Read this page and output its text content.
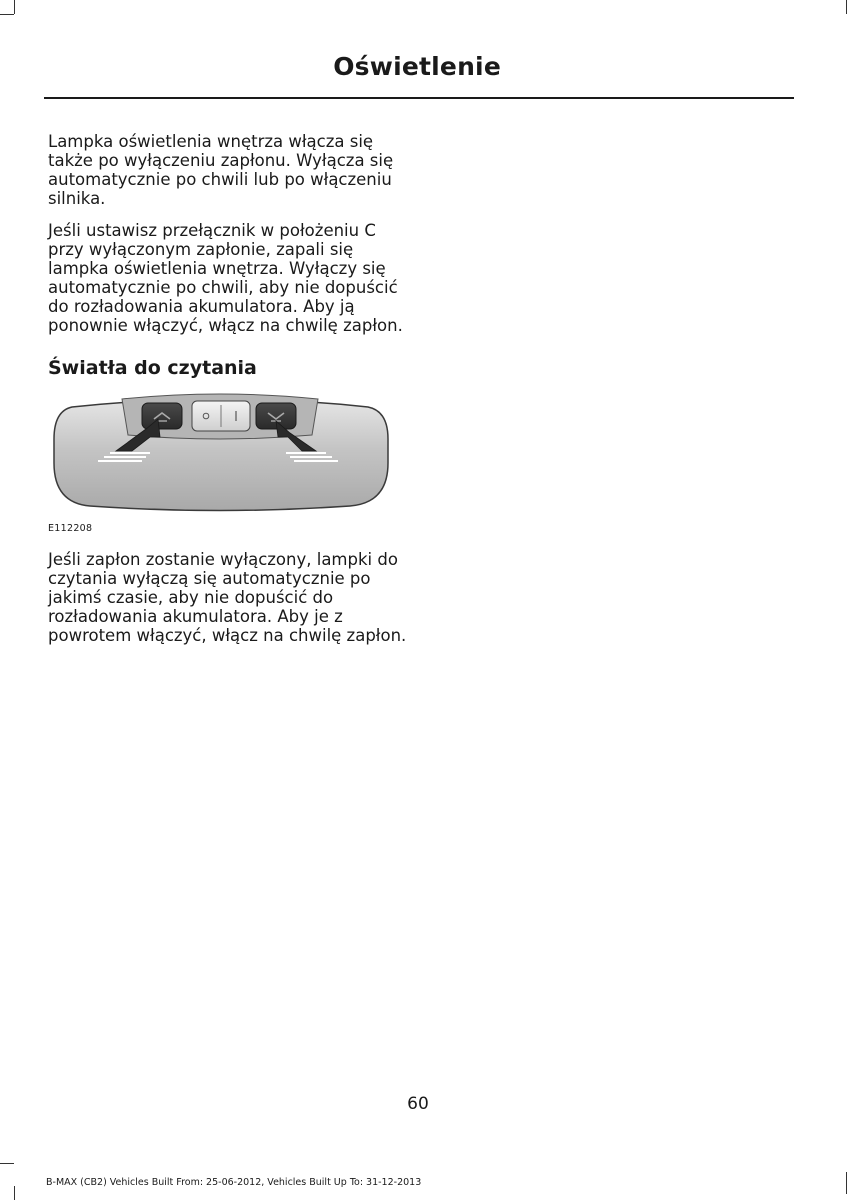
Oświetlenie

Lampka oświetlenia wnętrza włącza się także po wyłączeniu zapłonu. Wyłącza się automatycznie po chwili lub po włączeniu silnika.

Jeśli ustawisz przełącznik w położeniu C przy wyłączonym zapłonie, zapali się lampka oświetlenia wnętrza. Wyłączy się automatycznie po chwili, aby nie dopuścić do rozładowania akumulatora. Aby ją ponownie włączyć, włącz na chwilę zapłon.

Światła do czytania

E112208

Jeśli zapłon zostanie wyłączony, lampki do czytania wyłączą się automatycznie po jakimś czasie, aby nie dopuścić do rozładowania akumulatora. Aby je z powrotem włączyć, włącz na chwilę zapłon.

60

B-MAX (CB2) Vehicles Built From: 25-06-2012, Vehicles Built Up To: 31-12-2013
